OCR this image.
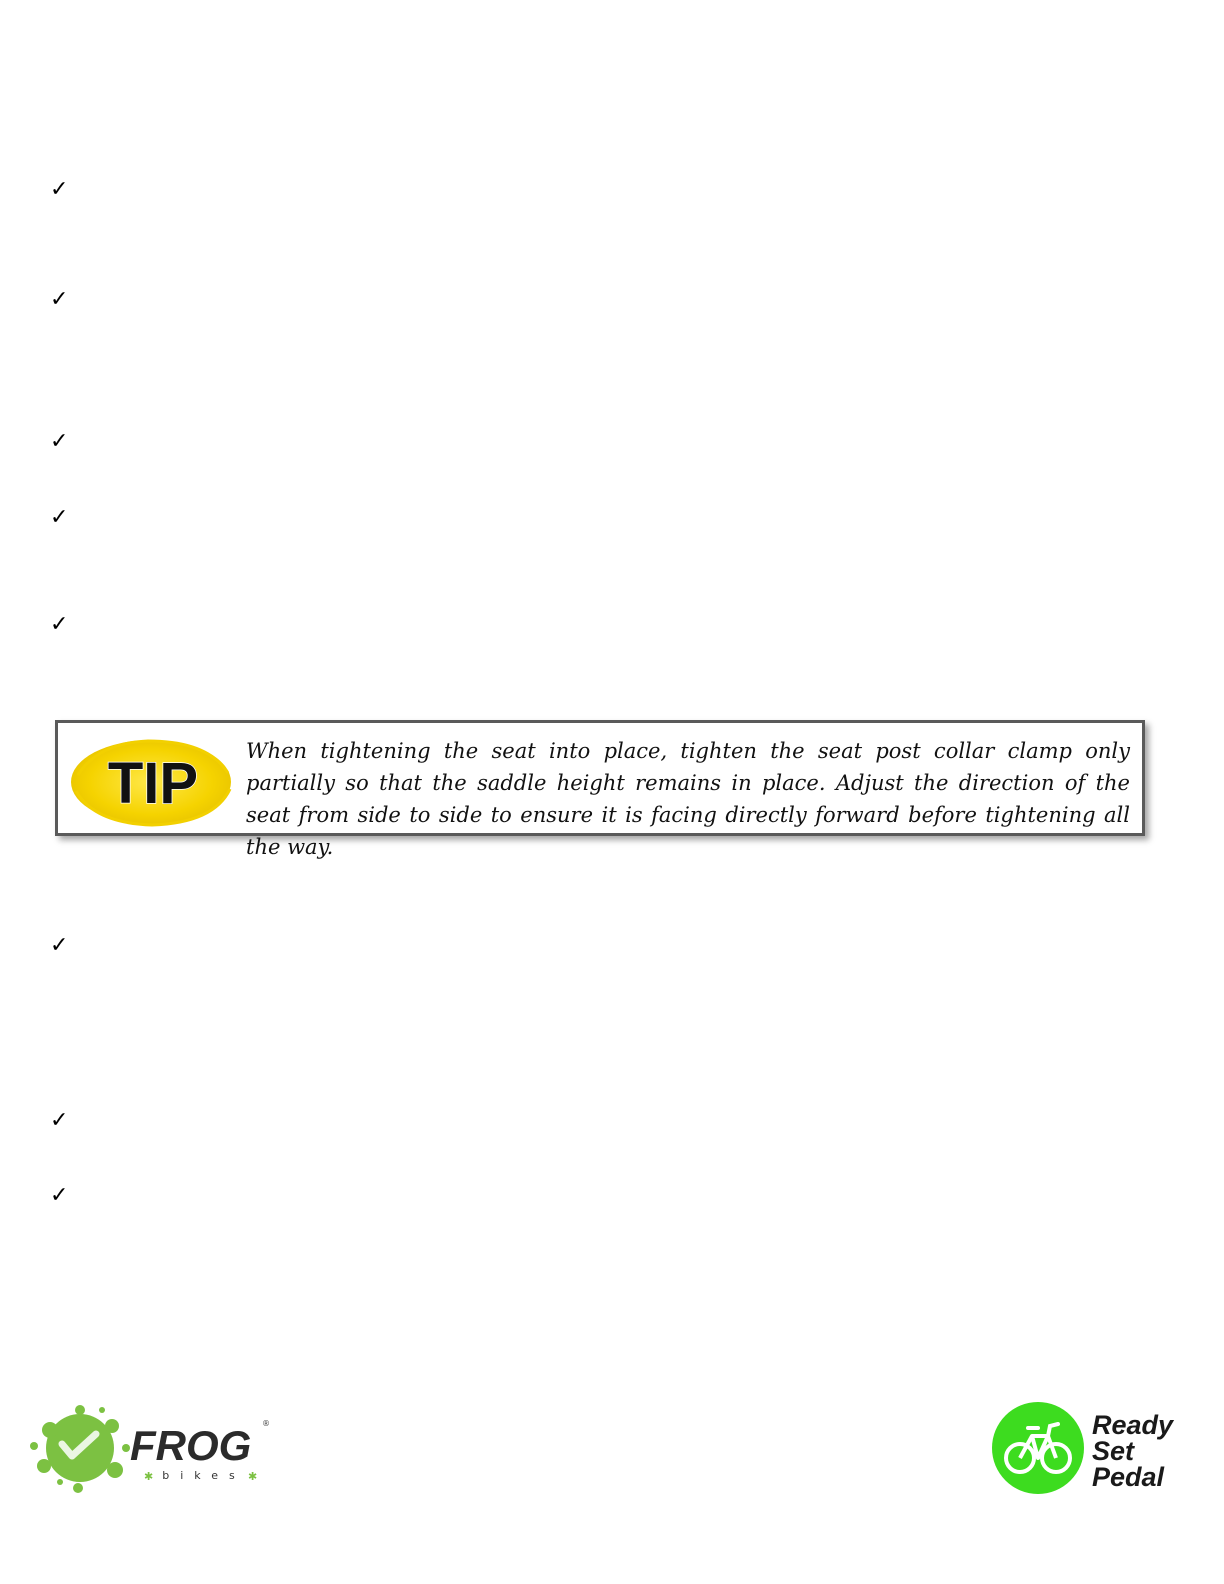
✓
✓
✓
✓
✓
✓
✓
✓
TIP When tightening the seat into place, tighten the seat post collar clamp only partially so that the saddle height remains in place. Adjust the direction of the seat from side to side to ensure it is facing directly forward before tightening all the way.
FROG ®
bikes
✱	✱
Ready
Set
Pedal
